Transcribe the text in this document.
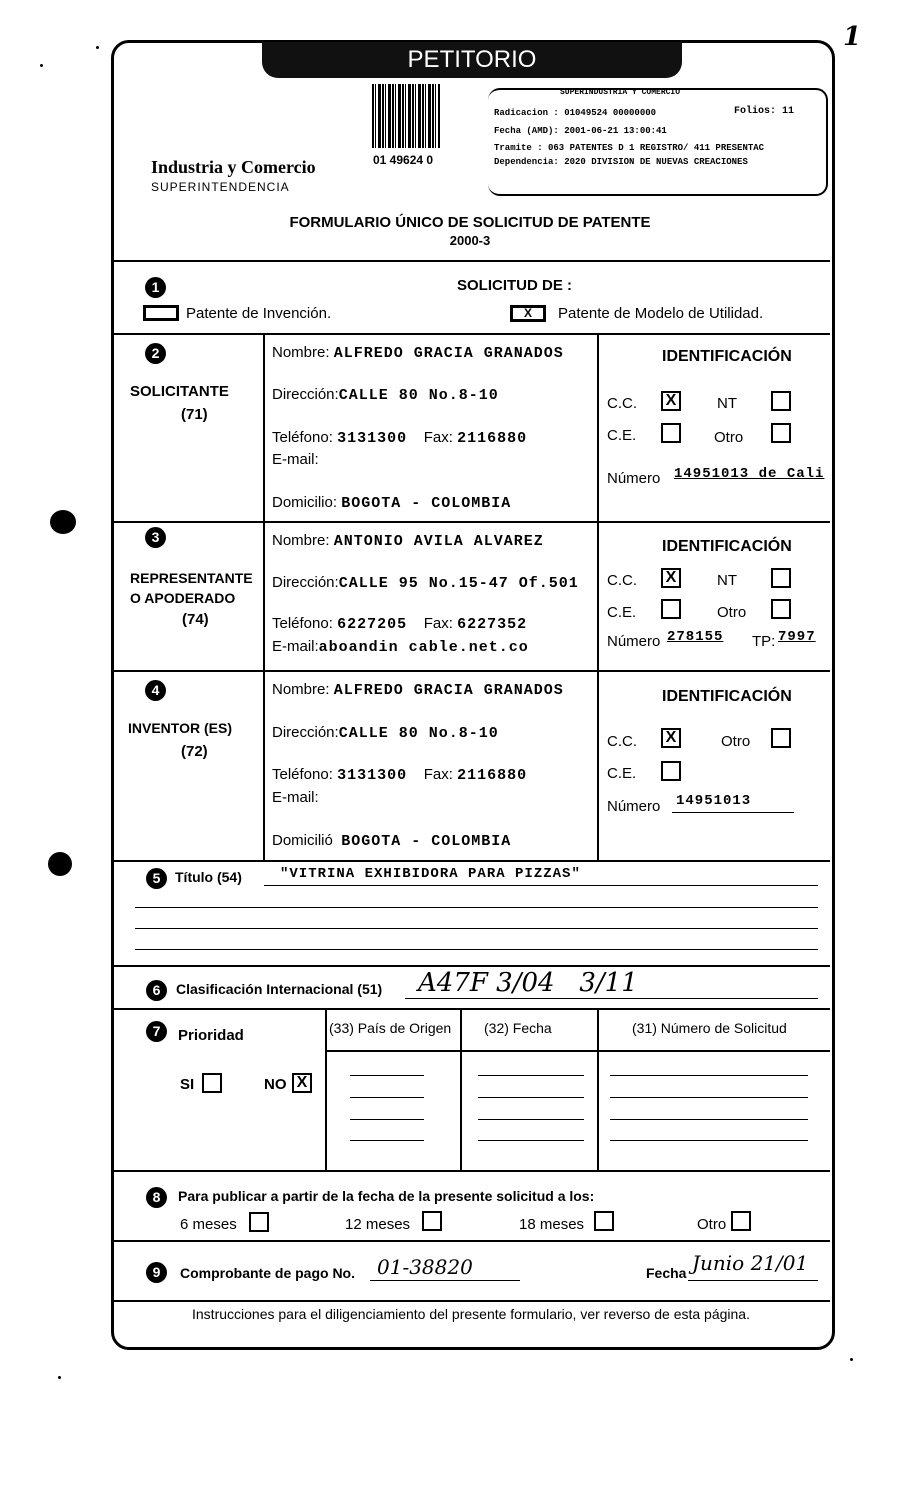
1
PETITORIO
Industria y Comercio
SUPERINTENDENCIA
01 49624 0
SUPERINDUSTRIA Y COMERCIO
Radicacion : 01049524 00000000	Folios: 11
Fecha (AMD): 2001-06-21 13:00:41
Tramite : 063 PATENTES D 1 REGISTRO/ 411 PRESENTAC
Dependencia: 2020 DIVISION DE NUEVAS CREACIONES
FORMULARIO ÚNICO DE SOLICITUD DE PATENTE
2000-3
1	SOLICITUD DE :
Patente de Invención.	X	Patente de Modelo de Utilidad.
2
SOLICITANTE
(71)
Nombre: ALFREDO GRACIA GRANADOS
Dirección:CALLE 80 No.8-10
Teléfono: 3131300 Fax: 2116880
E-mail:
Domicilio: BOGOTA - COLOMBIA
IDENTIFICACIÓN
C.C. X	NT
C.E.	Otro
Número 14951013 de Cali
3
REPRESENTANTE
O APODERADO
(74)
Nombre: ANTONIO AVILA ALVAREZ
Dirección:CALLE 95 No.15-47 Of.501
Teléfono: 6227205 Fax: 6227352
E-mail:aboandin cable.net.co
IDENTIFICACIÓN
C.C. X	NT
C.E.	Otro
Número 278155 TP: 7997
4
INVENTOR (ES)
(72)
Nombre: ALFREDO GRACIA GRANADOS
Dirección:CALLE 80 No.8-10
Teléfono: 3131300 Fax: 2116880
E-mail:
Domicilió BOGOTA - COLOMBIA
IDENTIFICACIÓN
C.C. X	Otro
C.E.
Número 14951013
5	Título (54)	"VITRINA EXHIBIDORA PARA PIZZAS"
6	Clasificación Internacional (51) A47F 3/04   3/11
7	Prioridad
SI	NO X
(33) País de Origen (32) Fecha	(31) Número de Solicitud
8	Para publicar a partir de la fecha de la presente solicitud a los:
6 meses	12 meses	18 meses	Otro
9	Comprobante de pago No. 01-38820	Fecha Junio 21/01
Instrucciones para el diligenciamiento del presente formulario, ver reverso de esta página.
